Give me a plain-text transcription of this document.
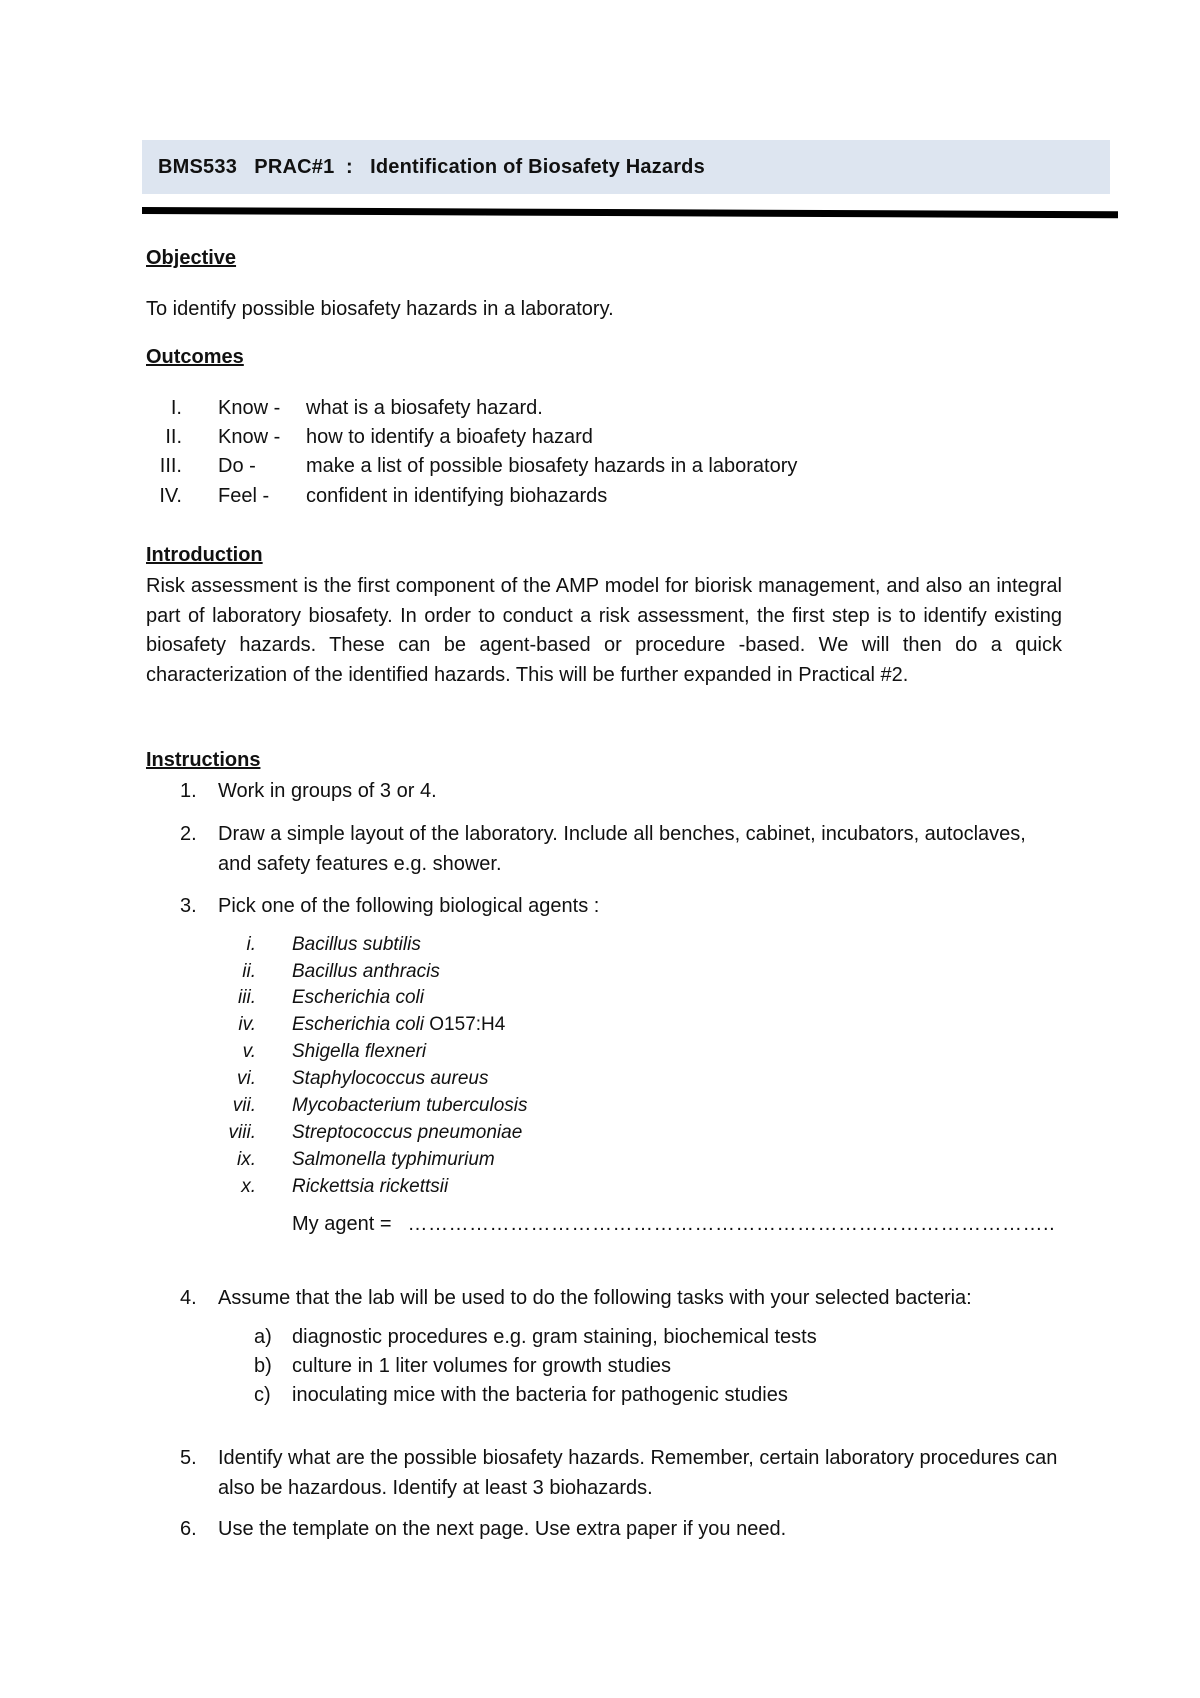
BMS533
PRAC#1
:
Identification of Biosafety Hazards
Objective
To identify possible biosafety hazards in a laboratory.
Outcomes
I. Know - what is a biosafety hazard.
II. Know - how to identify a bioafety hazard
III. Do -	make a list of possible biosafety hazards in a laboratory
IV. Feel - confident in identifying biohazards
Introduction
Risk assessment is the first component of the AMP model for biorisk management, and also an integral part of laboratory biosafety. In order to conduct a risk assessment, the first step is to identify existing biosafety hazards. These can be agent-based or procedure -based. We will then do a quick characterization of the identified hazards. This will be further expanded in Practical #2.
Instructions
1. Work in groups of 3 or 4.
2. Draw a simple layout of the laboratory. Include all benches, cabinet, incubators, autoclaves, and safety features e.g. shower.
3. Pick one of the following biological agents :
i. Bacillus subtilis
ii. Bacillus anthracis
iii. Escherichia coli
iv. Escherichia coli O157:H4
v. Shigella flexneri
vi. Staphylococcus aureus
vii. Mycobacterium tuberculosis
viii. Streptococcus pneumoniae
ix. Salmonella typhimurium
x. Rickettsia rickettsii
My agent = …………………………………………………………………………………..
4. Assume that the lab will be used to do the following tasks with your selected bacteria:
a) diagnostic procedures e.g. gram staining, biochemical tests
b) culture in 1 liter volumes for growth studies
c) inoculating mice with the bacteria for pathogenic studies
5. Identify what are the possible biosafety hazards. Remember, certain laboratory procedures can also be hazardous. Identify at least 3 biohazards.
6. Use the template on the next page. Use extra paper if you need.
